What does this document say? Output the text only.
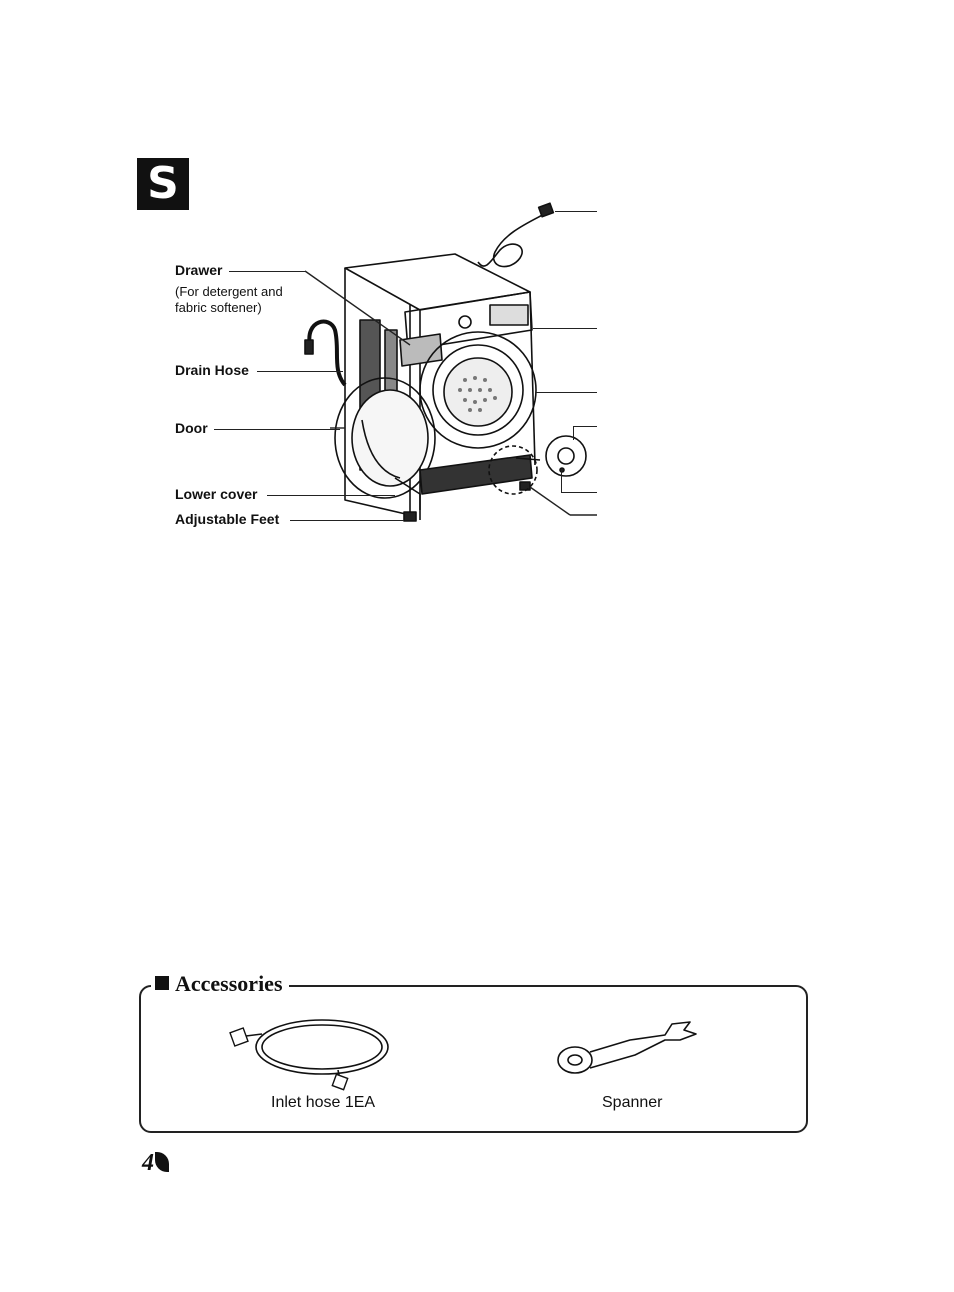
S
Drawer
(For detergent and
fabric softener)
Drain Hose
Door
Lower cover
Adjustable Feet
Accessories
Inlet hose 1EA	Spanner
4
